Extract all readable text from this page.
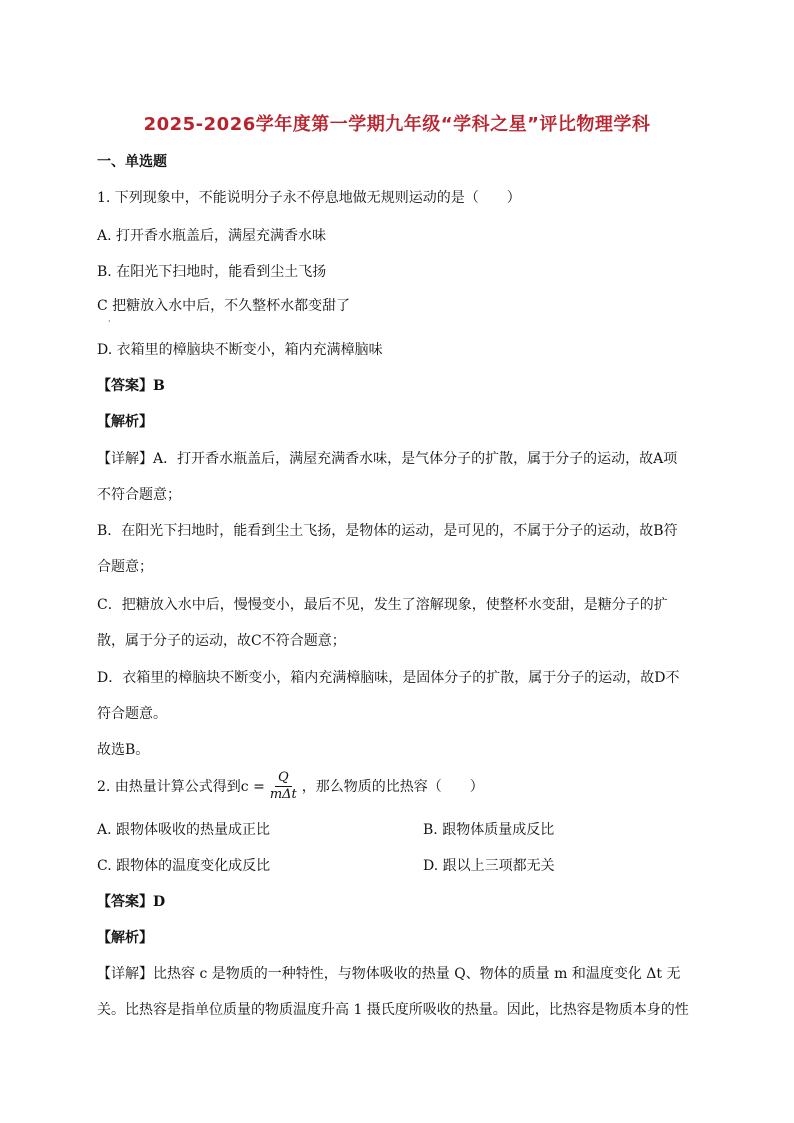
2025-2026学年度第一学期九年级“学科之星”评比物理学科
一、单选题
1. 下列现象中，不能说明分子永不停息地做无规则运动的是（　　）
A. 打开香水瓶盖后，满屋充满香水味
B. 在阳光下扫地时，能看到尘土飞扬
C 把糖放入水中后，不久整杯水都变甜了
·
D. 衣箱里的樟脑块不断变小，箱内充满樟脑味
【答案】B
【解析】
【详解】A．打开香水瓶盖后，满屋充满香水味，是气体分子的扩散，属于分子的运动，故A项
不符合题意；
B．在阳光下扫地时，能看到尘土飞扬，是物体的运动，是可见的，不属于分子的运动，故B符
合题意；
C．把糖放入水中后，慢慢变小，最后不见，发生了溶解现象，使整杯水变甜，是糖分子的扩
散，属于分子的运动，故C不符合题意；
D．衣箱里的樟脑块不断变小，箱内充满樟脑味，是固体分子的扩散，属于分子的运动，故D不
符合题意。
故选B。
2. 由热量计算公式得到$c = \frac{Q}{\text{mΔt}}$ ，那么物质的比热容（　　）
A. 跟物体吸收的热量成正比	B. 跟物体质量成反比
C. 跟物体的温度变化成反比	D. 跟以上三项都无关
【答案】D
【解析】
【详解】比热容 c 是物质的一种特性，与物体吸收的热量 Q、物体的质量 m 和温度变化 Δt 无
关。比热容是指单位质量的物质温度升高 1 摄氏度所吸收的热量。因此，比热容是物质本身的性
